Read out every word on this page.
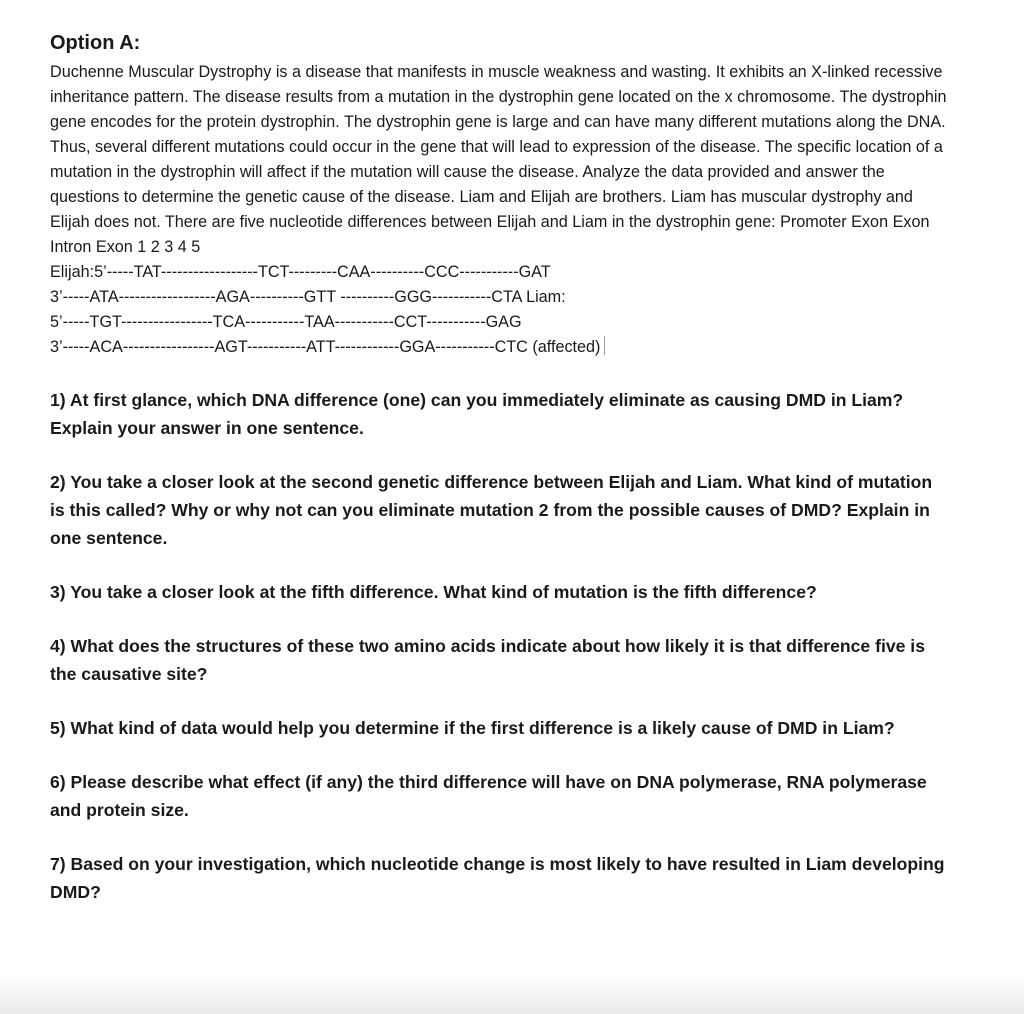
Option A:

Duchenne Muscular Dystrophy is a disease that manifests in muscle weakness and wasting. It exhibits an X-linked recessive inheritance pattern. The disease results from a mutation in the dystrophin gene located on the x chromosome. The dystrophin gene encodes for the protein dystrophin. The dystrophin gene is large and can have many different mutations along the DNA. Thus, several different mutations could occur in the gene that will lead to expression of the disease. The specific location of a mutation in the dystrophin will affect if the mutation will cause the disease. Analyze the data provided and answer the questions to determine the genetic cause of the disease. Liam and Elijah are brothers. Liam has muscular dystrophy and Elijah does not. There are five nucleotide differences between Elijah and Liam in the dystrophin gene: Promoter Exon Exon Intron Exon 1 2 3 4 5

Elijah:5’-----TAT------------------TCT---------CAA----------CCC-----------GAT

3’-----ATA------------------AGA----------GTT ----------GGG-----------CTA Liam:

5’-----TGT-----------------TCA-----------TAA-----------CCT-----------GAG

3’-----ACA-----------------AGT-----------ATT------------GGA-----------CTC (affected)

1) At first glance, which DNA difference (one) can you immediately eliminate as causing DMD in Liam? Explain your answer in one sentence.

2) You take a closer look at the second genetic difference between Elijah and Liam. What kind of mutation is this called? Why or why not can you eliminate mutation 2 from the possible causes of DMD? Explain in one sentence.

3) You take a closer look at the fifth difference. What kind of mutation is the fifth difference?

4) What does the structures of these two amino acids indicate about how likely it is that difference five is the causative site?

5) What kind of data would help you determine if the first difference is a likely cause of DMD in Liam?

6) Please describe what effect (if any) the third difference will have on DNA polymerase, RNA polymerase and protein size.

7) Based on your investigation, which nucleotide change is most likely to have resulted in Liam developing DMD?
